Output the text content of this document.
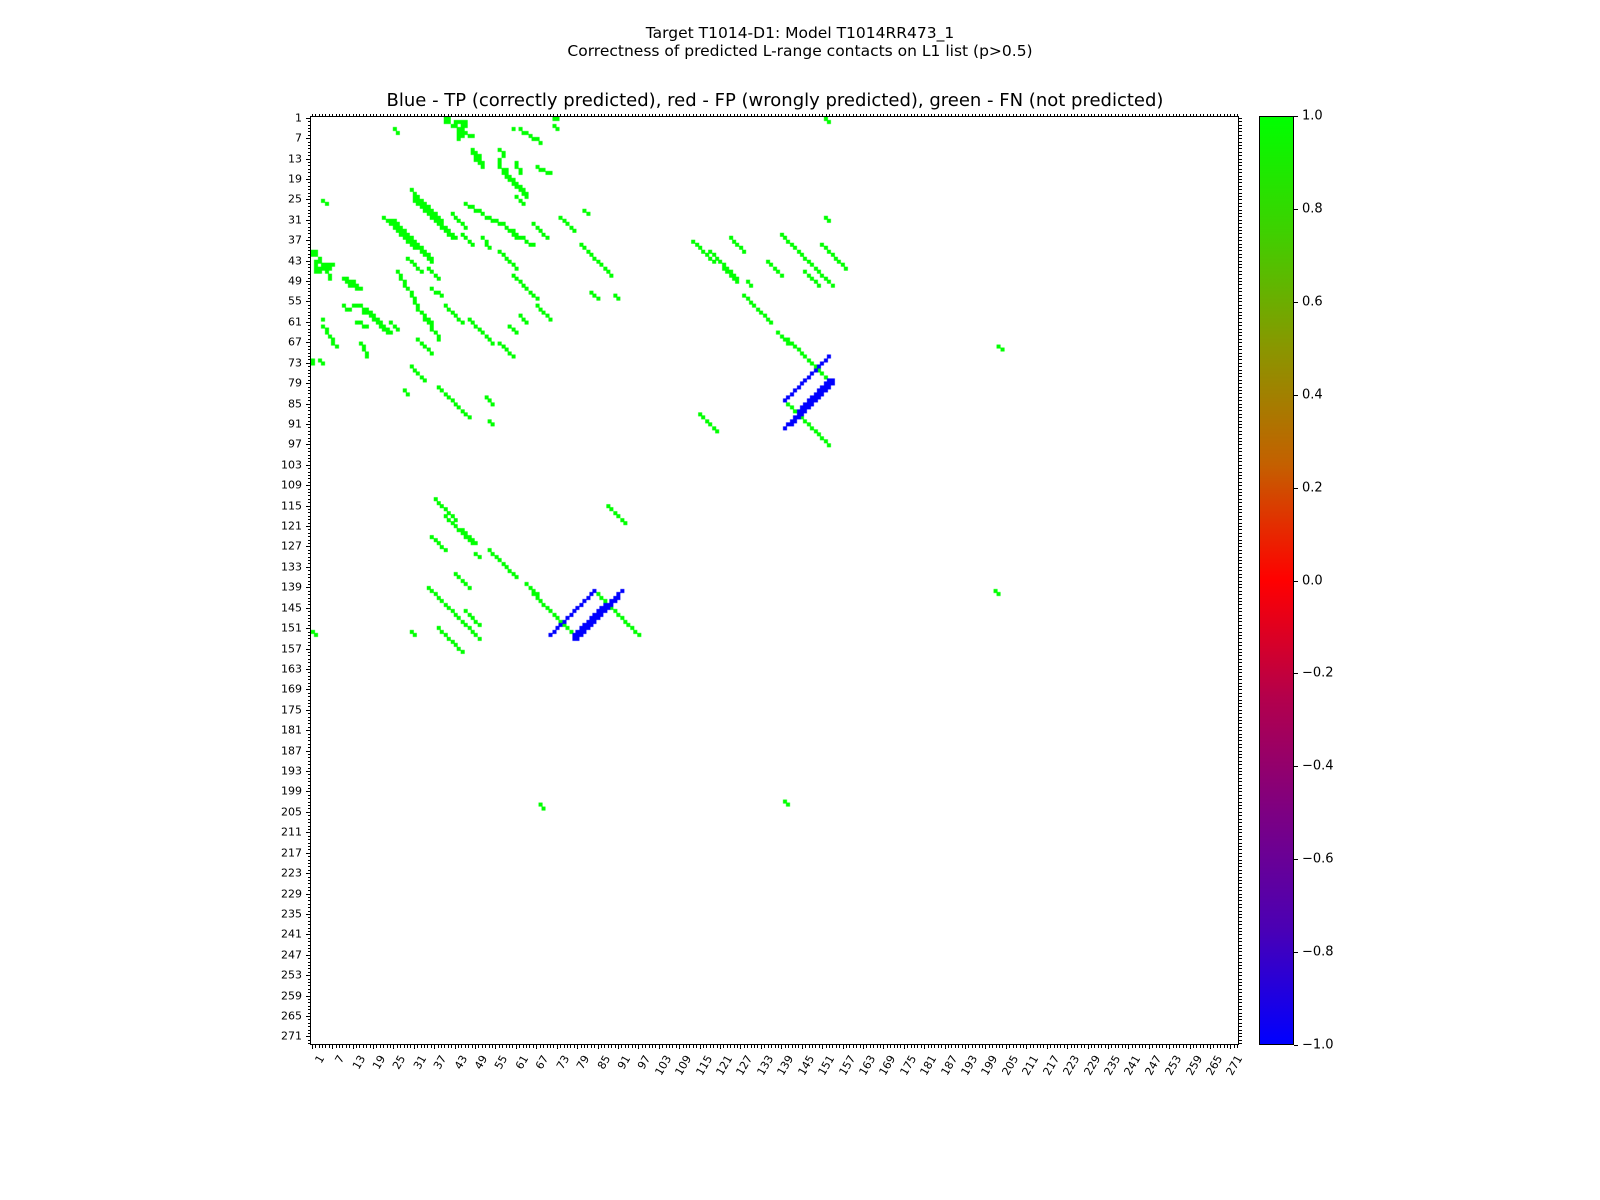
Target T1014-D1: Model T1014RR473_1
Correctness of predicted L-range contacts on L1 list (p>0.5)
Blue - TP (correctly predicted), red - FP (wrongly predicted), green - FN (not predicted)
1
1
7
7
13
13
19
19
25
25
31
31
37
37
43
43
49
49
55
55
61
61
67
67
73
73
79
79
85
85
91
91
97
97
103
103
109
109
115
115
121
121
127
127
133
133
139
139
145
145
151
151
157
157
163
163
169
169
175
175
181
181
187
187
193
193
199
199
205
205
211
211
217
217
223
223
229
229
235
235
241
241
247
247
253
253
259
259
265
265
271
271
1.0
0.8
0.6
0.4
0.2
0.0
−0.2
−0.4
−0.6
−0.8
−1.0
